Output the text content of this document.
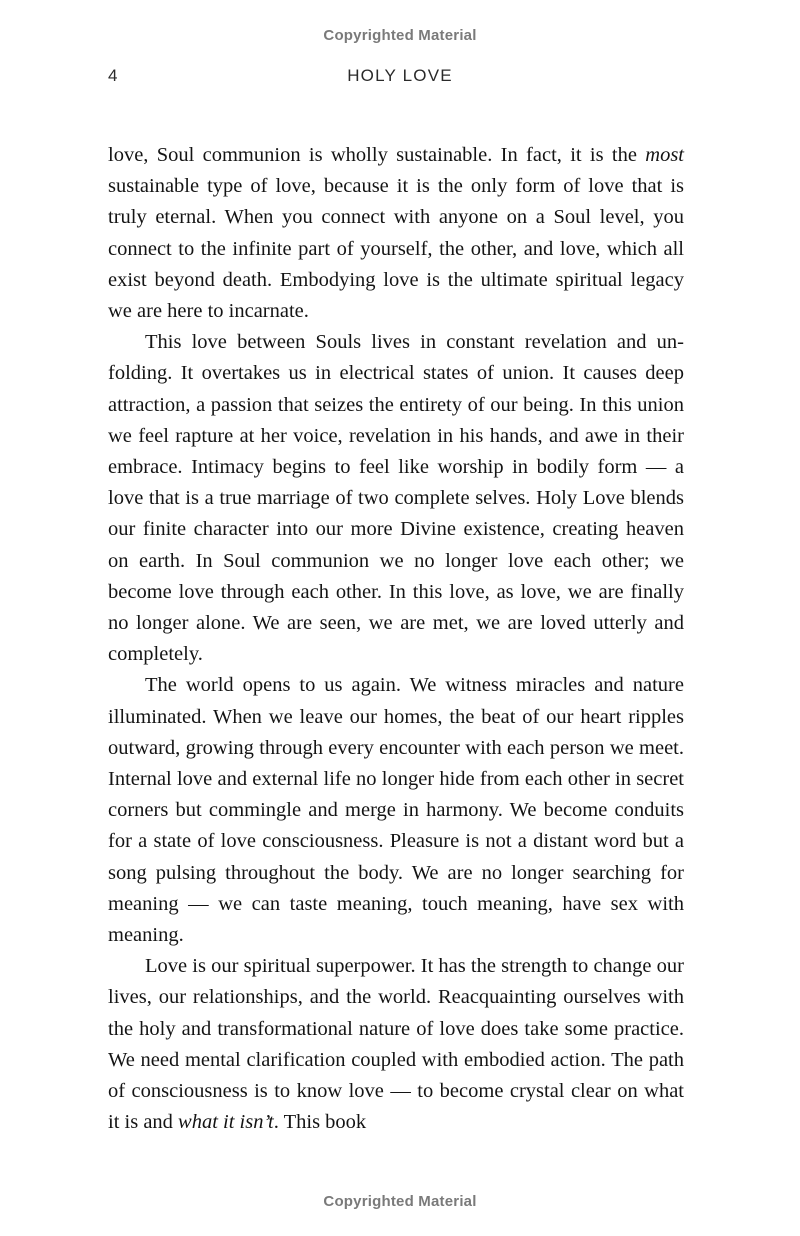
Copyrighted Material
4	HOLY LOVE

love, Soul communion is wholly sustainable. In fact, it is the most sustainable type of love, because it is the only form of love that is truly eternal. When you connect with anyone on a Soul level, you connect to the infinite part of yourself, the other, and love, which all exist beyond death. Embodying love is the ultimate spiritual legacy we are here to incarnate.

This love between Souls lives in constant revelation and unfolding. It overtakes us in electrical states of union. It causes deep attraction, a passion that seizes the entirety of our being. In this union we feel rapture at her voice, revelation in his hands, and awe in their embrace. Intimacy begins to feel like worship in bodily form — a love that is a true marriage of two complete selves. Holy Love blends our finite character into our more Divine existence, creating heaven on earth. In Soul communion we no longer love each other; we become love through each other. In this love, as love, we are finally no longer alone. We are seen, we are met, we are loved utterly and completely.

The world opens to us again. We witness miracles and nature illuminated. When we leave our homes, the beat of our heart ripples outward, growing through every encounter with each person we meet. Internal love and external life no longer hide from each other in secret corners but commingle and merge in harmony. We become conduits for a state of love consciousness. Pleasure is not a distant word but a song pulsing throughout the body. We are no longer searching for meaning — we can taste meaning, touch meaning, have sex with meaning.

Love is our spiritual superpower. It has the strength to change our lives, our relationships, and the world. Reacquainting ourselves with the holy and transformational nature of love does take some practice. We need mental clarification coupled with embodied action. The path of consciousness is to know love — to become crystal clear on what it is and what it isn’t. This book

Copyrighted Material
